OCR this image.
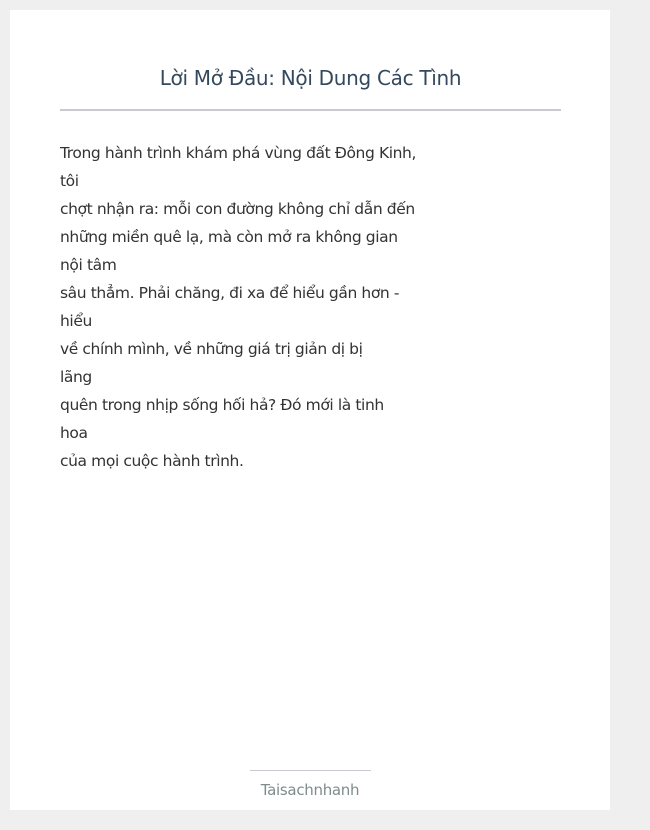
Lời Mở Đầu: Nội Dung Các Tình
Trong hành trình khám phá vùng đất Đông Kinh,
tôi
chợt nhận ra: mỗi con đường không chỉ dẫn đến
những miền quê lạ, mà còn mở ra không gian
nội tâm
sâu thẳm. Phải chăng, đi xa để hiểu gần hơn -
hiểu
về chính mình, về những giá trị giản dị bị
lãng
quên trong nhịp sống hối hả? Đó mới là tinh
hoa
của mọi cuộc hành trình.
Taisachnhanh
